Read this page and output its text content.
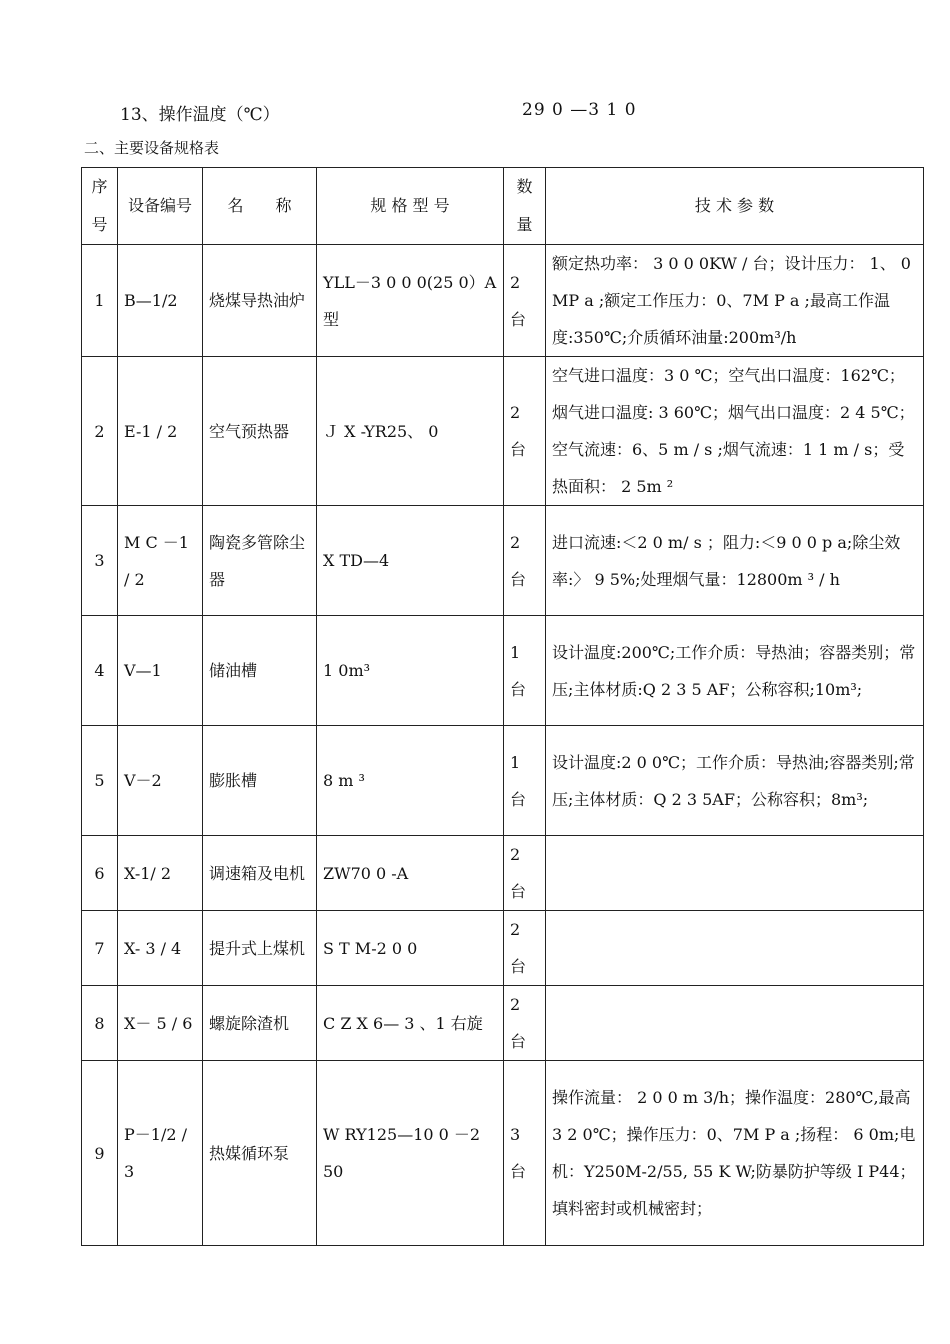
13、操作温度（℃）	29 0 —3 1 0
二、主要设备规格表
序号	设备编号	名　　称	规 格 型 号	数量	技 术 参 数
1	B—1/2	烧煤导热油炉	YLL－3 0 0 0(25 0）A 型	2 台	额定热功率： 3 0 0 0KW / 台；设计压力： 1、 0 MP a ;额定工作压力：0、7M P a ;最高工作温度:350℃;介质循环油量:200m³/h
2	E-1 / 2	空气预热器	Ｊ X -YR25、 0	2 台	空气进口温度：3 0 ℃；空气出口温度：162℃；烟气进口温度: 3 60℃；烟气出口温度：2 4 5℃；空气流速：6、5 m / s ;烟气流速：1 1 m / s；受热面积： 2 5m ²
3	M C －1 / 2	陶瓷多管除尘器	X TD—4	2 台	进口流速:＜2 0 m/ s ；阻力:＜9 0 0 p a;除尘效率:〉 9 5%;处理烟气量：12800m ³ / h
4	V—1	储油槽	1 0m³	1 台	设计温度:200℃;工作介质：导热油；容器类别；常压;主体材质:Q 2 3 5 AF；公称容积;10m³;
5	V－2	膨胀槽	8 m ³	1 台	设计温度:2 0 0℃；工作介质：导热油;容器类别;常压;主体材质：Q 2 3 5AF；公称容积；8m³;
6	X-1/ 2	调速箱及电机	ZW70 0 -A	2 台	
7	X- 3 / 4	提升式上煤机	S T M-2 0 0	2 台	
8	X－ 5 / 6	螺旋除渣机	C Z X 6— 3 、1 右旋	2 台	
9	P－1/2 / 3	热媒循环泵	W RY125—10 0 －2 50	3 台	操作流量： 2 0 0 m 3/h；操作温度：280℃,最高3 2 0℃；操作压力：0、7M P a ;扬程： 6 0m;电机：Y250M-2/55, 55 K W;防暴防护等级 I P44；填料密封或机械密封；
